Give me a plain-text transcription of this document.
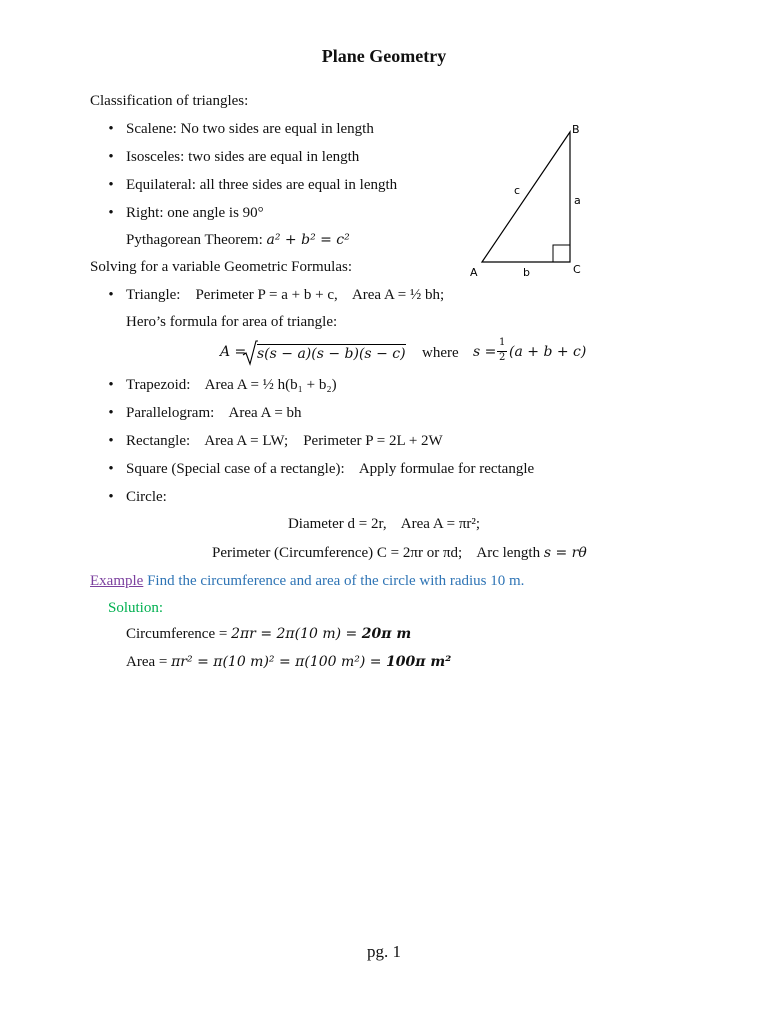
Plane Geometry
Classification of triangles:
• Scalene: No two sides are equal in length
• Isosceles: two sides are equal in length
• Equilateral: all three sides are equal in length
• Right: one angle is 90°
Pythagorean Theorem: a² + b² = c²
A
B
C
a
b
c
Solving for a variable Geometric Formulas:
• Triangle: Perimeter P = a + b + c, Area A = ½ bh;
Hero’s formula for area of triangle:
A = s(s − a)(s − b)(s − c) where s =
1
2 (a + b + c)
• Trapezoid: Area A = ½ h(b₁ + b₂)
• Parallelogram: Area A = bh
• Rectangle: Area A = LW; Perimeter P = 2L + 2W
• Square (Special case of a rectangle): Apply formulae for rectangle
• Circle:
Diameter d = 2r, Area A = πr²;
Perimeter (Circumference) C = 2πr or πd; Arc length s = rθ
Example Find the circumference and area of the circle with radius 10 m.
Solution:
Circumference = 2πr = 2π(10 m) = 20π m
Area = πr² = π(10 m)² = π(100 m²) = 100π m²
pg. 1
